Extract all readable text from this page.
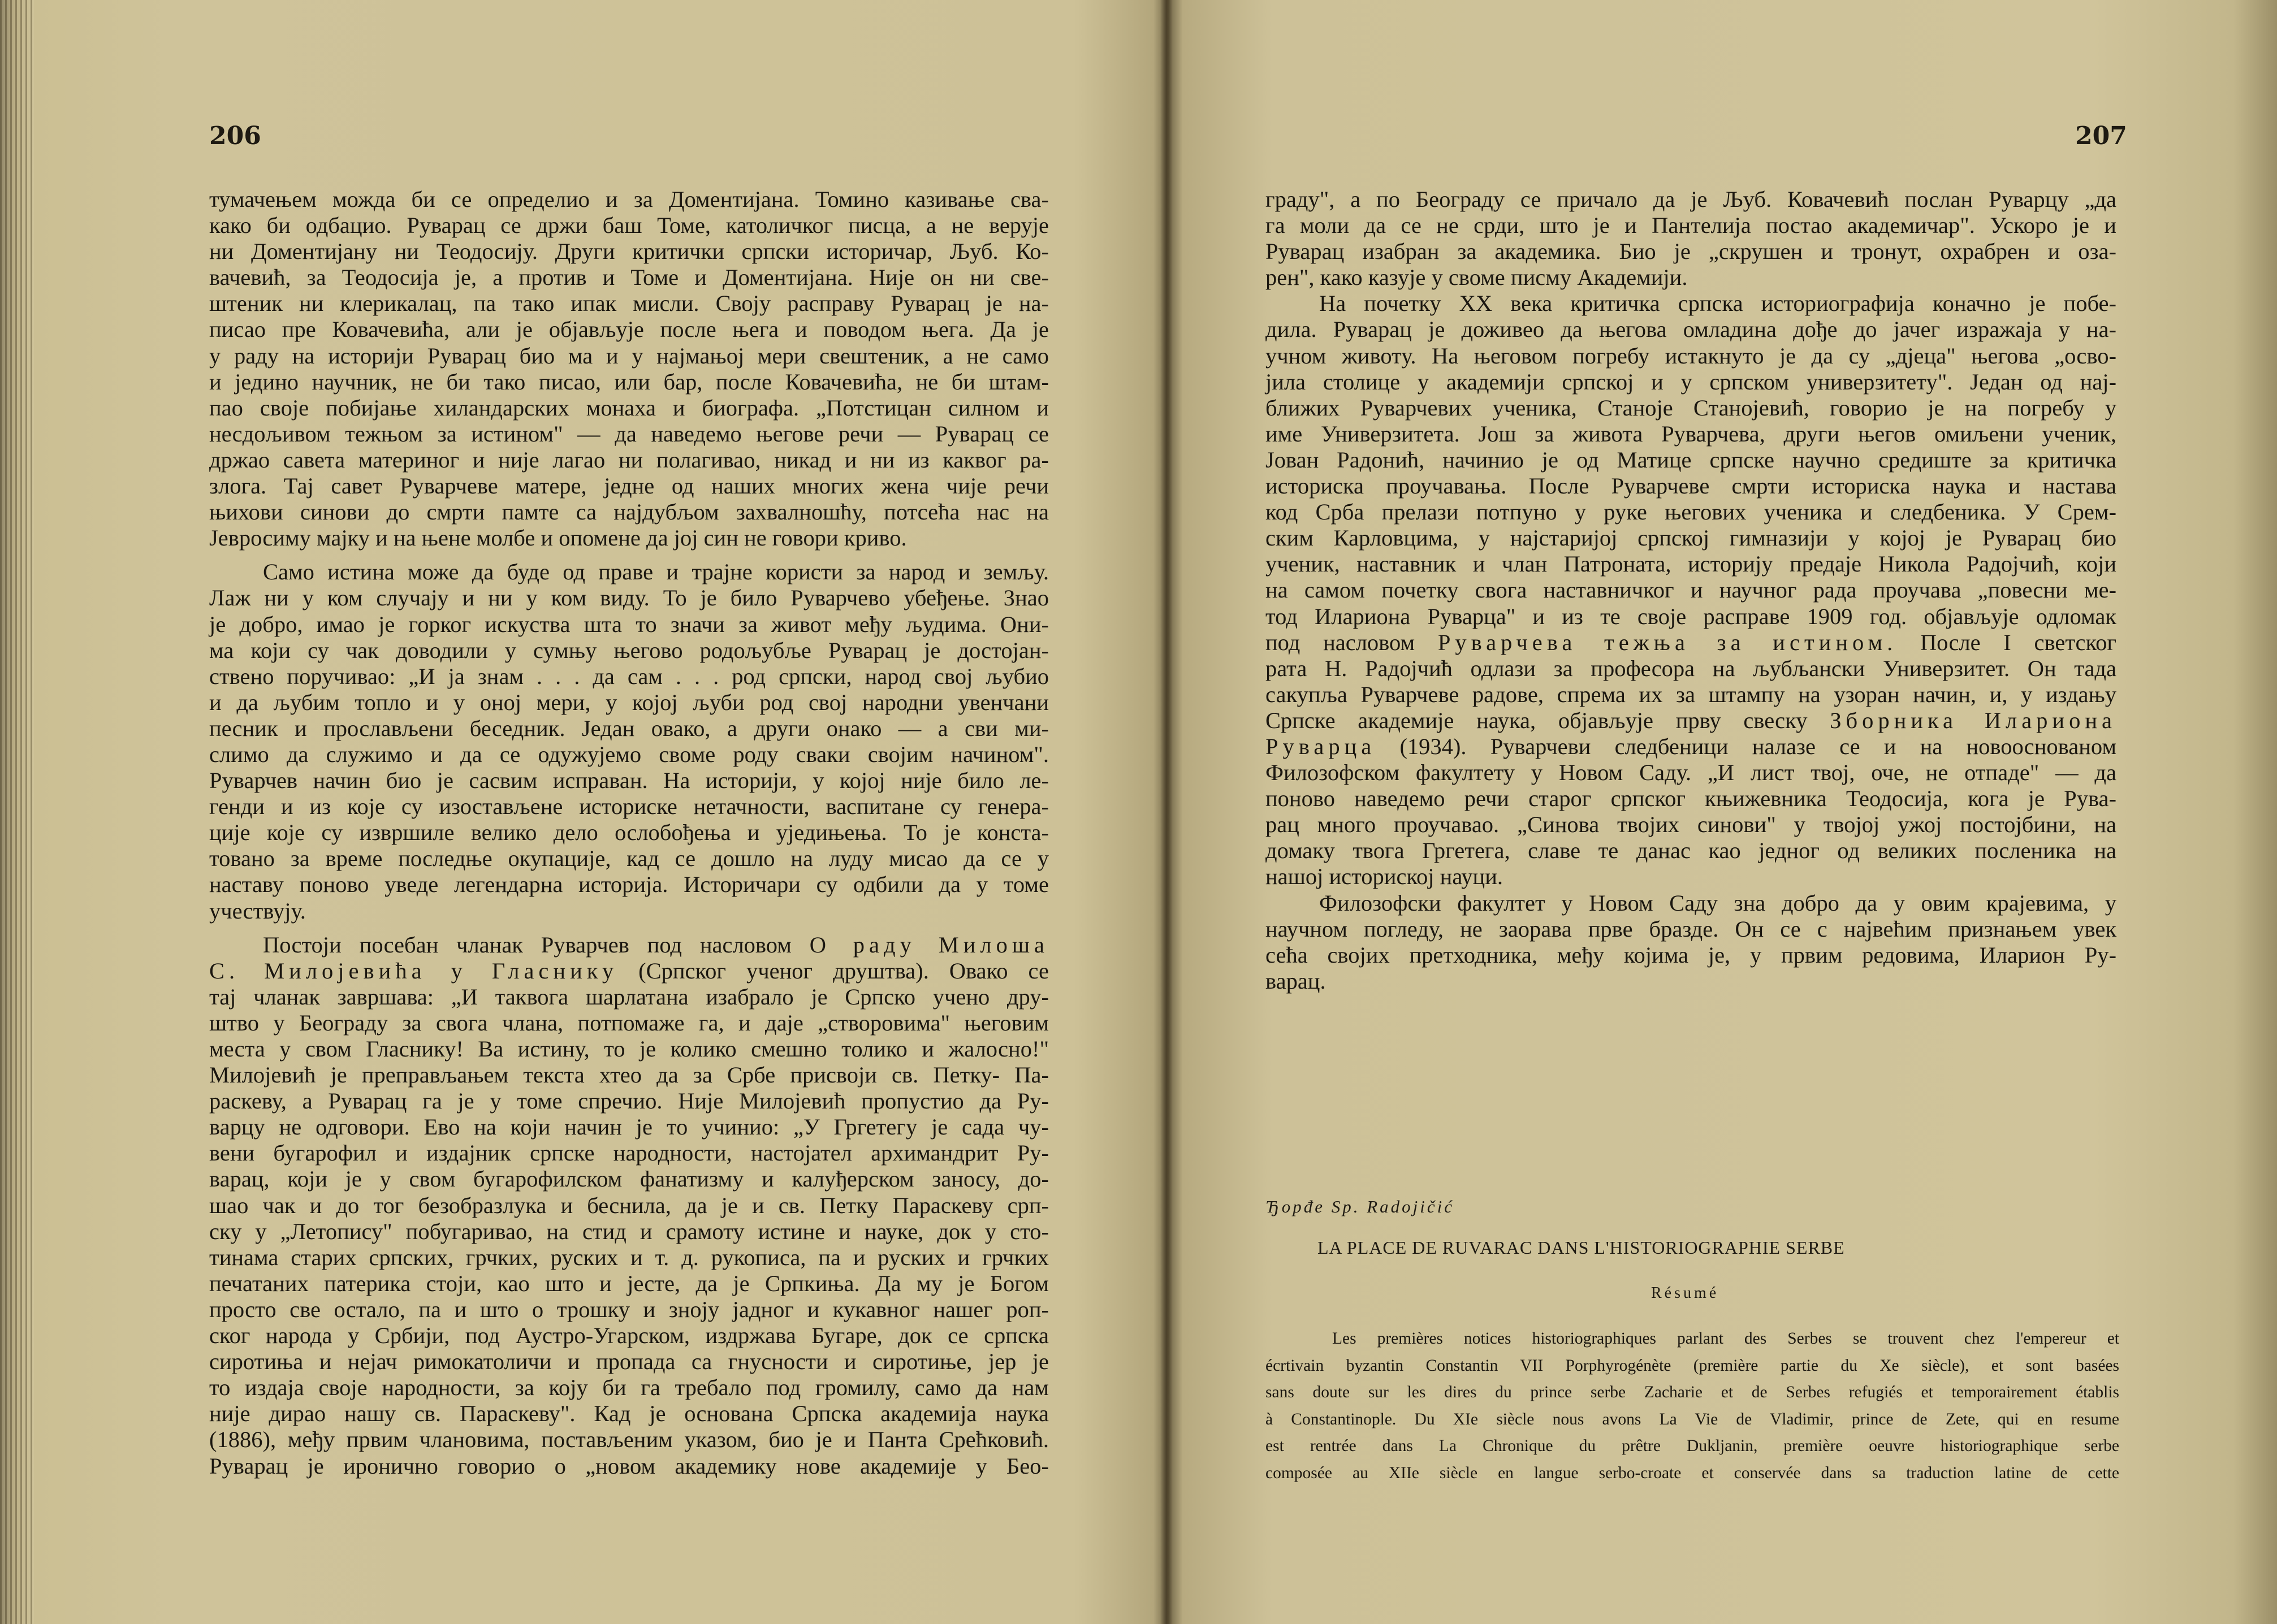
206
тумачењем можда би се определио и за Доментијана. Томино казивање сва-
како би одбацио. Руварац се држи баш Томе, католичког писца, а не верује
ни Доментијану ни Теодосију. Други критички српски историчар, Љуб. Ко-
вачевић, за Теодосија је, а против и Томе и Доментијана. Није он ни све-
штеник ни клерикалац, па тако ипак мисли. Своју расправу Руварац је на-
писао пре Ковачевића, али је објављује после њега и поводом њега. Да је
у раду на историји Руварац био ма и у најмањој мери свештеник, а не само
и једино научник, не би тако писао, или бар, после Ковачевића, не би штам-
пао своје побијање хиландарских монаха и биографа. „Потстицан силном и
несдољивом тежњом за истином" — да наведемо његове речи — Руварац се
држао савета материног и није лагао ни полагивао, никад и ни из каквог ра-
злога. Тај савет Руварчеве матере, једне од наших многих жена чије речи
њихови синови до смрти памте са најдубљом захвалношћу, потсећа нас на
Јевросиму мајку и на њене молбе и опомене да јој син не говори криво.
Само истина може да буде од праве и трајне користи за народ и земљу.
Лаж ни у ком случају и ни у ком виду. То је било Руварчево убеђење. Знао
је добро, имао је горког искуства шта то значи за живот међу људима. Они-
ма који су чак доводили у сумњу његово родољубље Руварац је достојан-
ствено поручивао: „И ја знам . . . да сам . . . род српски, народ свој љубио
и да љубим топло и у оној мери, у којој љуби род свој народни увенчани
песник и прослављени беседник. Један овако, а други онако — а сви ми-
слимо да служимо и да се одужујемо своме роду сваки својим начином".
Руварчев начин био је сасвим исправан. На историји, у којој није било ле-
генди и из које су изостављене историске нетачности, васпитане су генера-
ције које су извршиле велико дело ослобођења и уједињења. То је конста-
товано за време последње окупације, кад се дошло на луду мисао да се у
наставу поново уведе легендарна историја. Историчари су одбили да у томе
учествују.
Постоји посебан чланак Руварчев под насловом О раду Милоша
С. Милојевића у Гласнику (Српског ученог друштва). Овако се
тај чланак завршава: „И таквога шарлатана изабрало је Српско учено дру-
штво у Београду за свога члана, потпомаже га, и даје „створовима" његовим
места у свом Гласнику! Ва истину, то је колико смешно толико и жалосно!"
Милојевић је преправљањем текста хтео да за Србе присвоји св. Петку- Па-
раскеву, а Руварац га је у томе спречио. Није Милојевић пропустио да Ру-
варцу не одговори. Ево на који начин је то учинио: „У Гргетегу је сада чу-
вени бугарофил и издајник српске народности, настојател архимандрит Ру-
варац, који је у свом бугарофилском фанатизму и калуђерском заносу, до-
шао чак и до тог безобразлука и беснила, да је и св. Петку Параскеву срп-
ску у „Летопису" побугаривао, на стид и срамоту истине и науке, док у сто-
тинама старих српских, грчких, руских и т. д. рукописа, па и руских и грчких
печатаних патерика стоји, као што и јесте, да је Српкиња. Да му је Богом
просто све остало, па и што о трошку и зноју јадног и кукавног нашег роп-
ског народа у Србији, под Аустро-Угарском, издржава Бугаре, док се српска
сиротиња и нејач римокатоличи и пропада са гнусности и сиротиње, јер је
то издаја своје народности, за коју би га требало под громилу, само да нам
није дирао нашу св. Параскеву". Кад је основана Српска академија наука
(1886), међу првим члановима, постављеним указом, био је и Панта Срећковић.
Руварац је иронично говорио о „новом академику нове академије у Бео-
207
граду", а по Београду се причало да је Љуб. Ковачевић послан Руварцу „да
га моли да се не срди, што је и Пантелија постао академичар". Ускоро је и
Руварац изабран за академика. Био је „скрушен и тронут, охрабрен и оза-
рен", како казује у своме писму Академији.
На почетку XX века критичка српска историографија коначно је побе-
дила. Руварац је доживео да његова омладина дође до јачег изражаја у на-
учном животу. На његовом погребу истакнуто је да су „дјеца" његова „осво-
јила столице у академији српској и у српском универзитету". Један од нај-
ближих Руварчевих ученика, Станоје Станојевић, говорио је на погребу у
име Универзитета. Још за живота Руварчева, други његов омиљени ученик,
Јован Радонић, начинио је од Матице српске научно средиште за критичка
историска проучавања. После Руварчеве смрти историска наука и настава
код Срба прелази потпуно у руке његових ученика и следбеника. У Срем-
ским Карловцима, у најстаријој српској гимназији у којој је Руварац био
ученик, наставник и члан Патроната, историју предаје Никола Радојчић, који
на самом почетку свога наставничког и научног рада проучава „повесни ме-
тод Илариона Руварца" и из те своје расправе 1909 год. објављује одломак
под насловом Руварчева тежња за истином. После I светског
рата Н. Радојчић одлази за професора на љубљански Универзитет. Он тада
сакупља Руварчеве радове, спрема их за штампу на узоран начин, и, у издању
Српске академије наука, објављује прву свеску Зборника Илариона
Руварца (1934). Руварчеви следбеници налазе се и на новооснованом
Филозофском факултету у Новом Саду. „И лист твој, оче, не отпаде" — да
поново наведемо речи старог српског књижевника Теодосија, кога је Рува-
рац много проучавао. „Синова твојих синови" у твојој ужој постојбини, на
домаку твога Гргетега, славе те данас као једног од великих посленика на
нашој историској науци.
Филозофски факултет у Новом Саду зна добро да у овим крајевима, у
научном погледу, не заорава прве бразде. Он се с највећим признањем увек
сећа својих претходника, међу којима је, у првим редовима, Иларион Ру-
варац.
Ђорđe Sp. Radojičić
LA PLACE DE RUVARAC DANS L'HISTORIOGRAPHIE SERBE
Résumé
Les premières notices historiographiques parlant des Serbes se trouvent chez l'empereur et
écrtivain byzantin Constantin VII Porphyrogénète (première partie du Xe siècle), et sont basées
sans doute sur les dires du prince serbe Zacharie et de Serbes refugiés et temporairement établis
à Constantinople. Du XIe siècle nous avons La Vie de Vladimir, prince de Zete, qui en resume
est rentrée dans La Chronique du prêtre Dukljanin, première oeuvre historiographique serbe
composée au XIIe siècle en langue serbo-croate et conservée dans sa traduction latine de cette
